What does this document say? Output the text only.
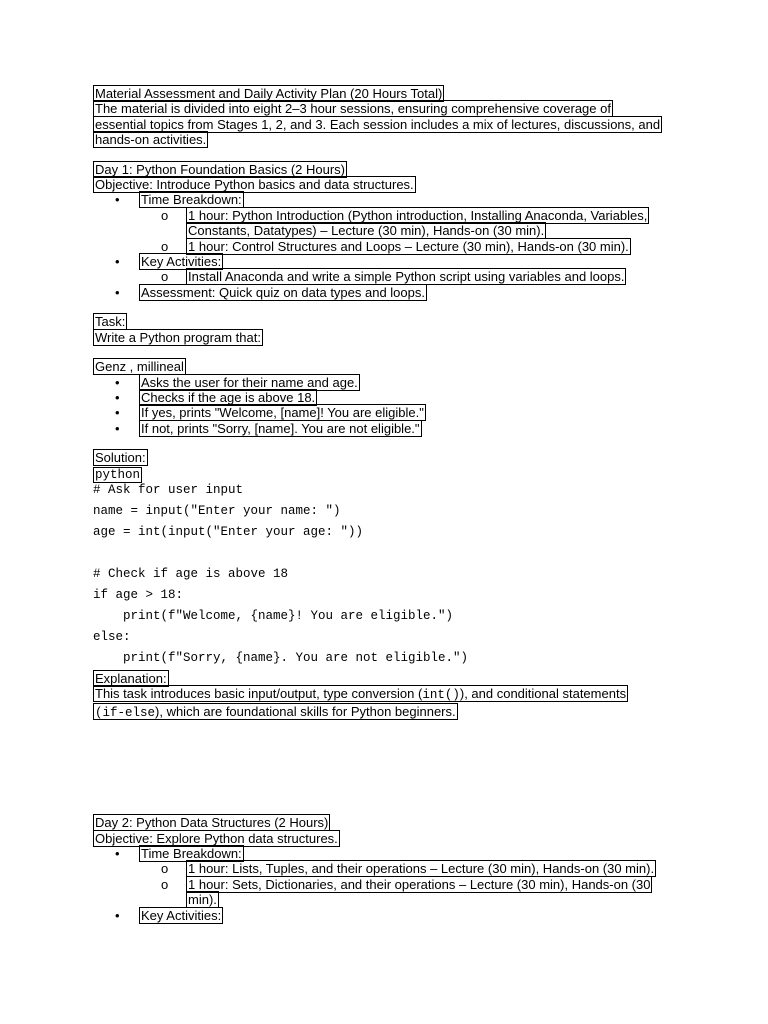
Material Assessment and Daily Activity Plan (20 Hours Total)
The material is divided into eight 2–3 hour sessions, ensuring comprehensive coverage of essential topics from Stages 1, 2, and 3. Each session includes a mix of lectures, discussions, and hands-on activities.
Day 1: Python Foundation Basics (2 Hours)
Objective: Introduce Python basics and data structures.
• Time Breakdown:
o 1 hour: Python Introduction (Python introduction, Installing Anaconda, Variables, Constants, Datatypes) – Lecture (30 min), Hands-on (30 min).
o 1 hour: Control Structures and Loops – Lecture (30 min), Hands-on (30 min).
• Key Activities:
o Install Anaconda and write a simple Python script using variables and loops.
• Assessment: Quick quiz on data types and loops.
Task:
Write a Python program that:
Genz , millineal
• Asks the user for their name and age.
• Checks if the age is above 18.
• If yes, prints "Welcome, [name]! You are eligible."
• If not, prints "Sorry, [name]. You are not eligible."
Solution:
python
# Ask for user input
name = input("Enter your name: ")
age = int(input("Enter your age: "))
# Check if age is above 18
if age > 18:
print(f"Welcome, {name}! You are eligible.")
else:
print(f"Sorry, {name}. You are not eligible.")
Explanation:
This task introduces basic input/output, type conversion (int()), and conditional statements (if-else), which are foundational skills for Python beginners.
Day 2: Python Data Structures (2 Hours)
Objective: Explore Python data structures.
• Time Breakdown:
o 1 hour: Lists, Tuples, and their operations – Lecture (30 min), Hands-on (30 min).
o 1 hour: Sets, Dictionaries, and their operations – Lecture (30 min), Hands-on (30 min).
• Key Activities:
